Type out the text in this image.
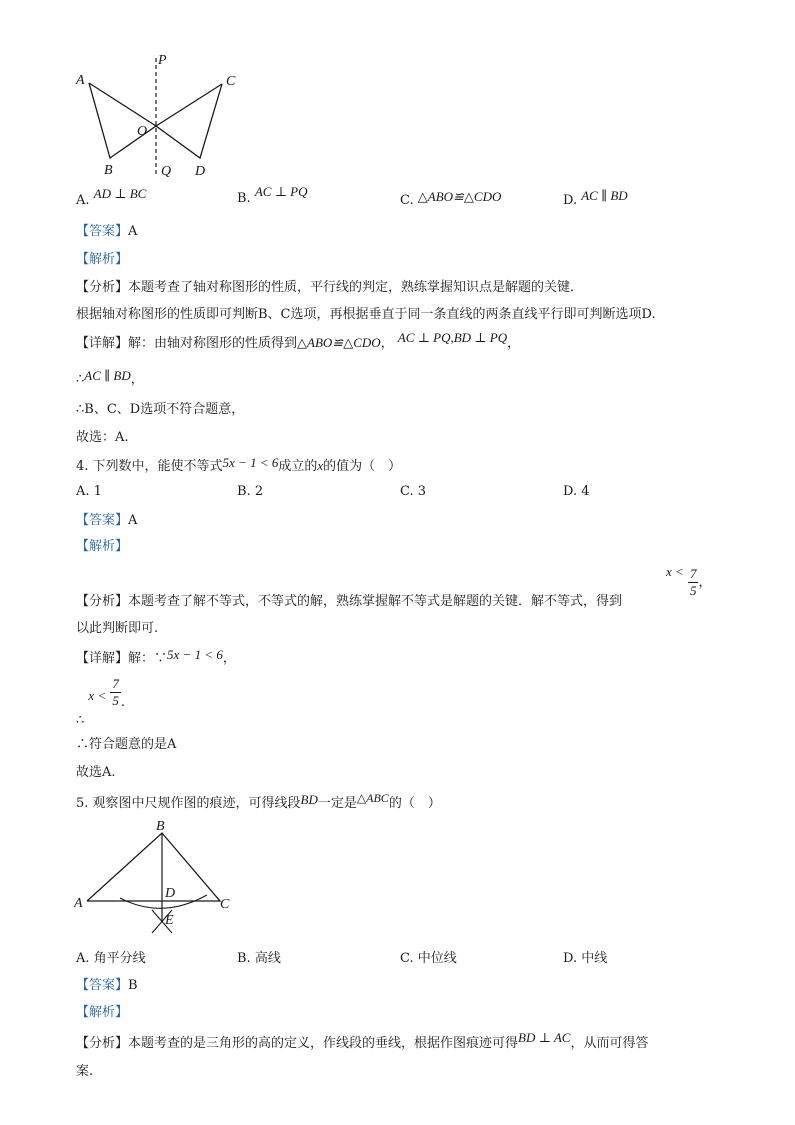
P
A	C
O
B	Q D
A. AD ⊥ BC	B. AC ⊥ PQ
C. △ABO≌△CDO	D. AC ∥ BD
【答案】A
【解析】
【分析】本题考查了轴对称图形的性质，平行线的判定，熟练掌握知识点是解题的关键．
根据轴对称图形的性质即可判断B、C选项，再根据垂直于同一条直线的两条直线平行即可判断选项D.
【详解】解：由轴对称图形的性质得到△ABO≌△CDO， AC ⊥ PQ,BD ⊥ PQ，
∴AC ∥ BD，
∴B、C、D选项不符合题意，
故选：A.
4. 下列数中，能使不等式5x − 1 < 6成立的x的值为（　）
A. 1	B. 2	C. 3	D. 4
【答案】A
【解析】
【分析】本题考查了解不等式，不等式的解，熟练掌握解不等式是解题的关键．解不等式，得到
$x < \frac{7}{5}$ ，
以此判断即可.
【详解】解：∵5x − 1 < 6，
∴ $x < \frac{7}{5}$ .
∴符合题意的是A
故选A.
5. 观察图中尺规作图的痕迹，可得线段BD一定是△ABC的（　）
B
A
D
C
E
A. 角平分线	B. 高线	C. 中位线	D. 中线
【答案】B
【解析】
【分析】本题考查的是三角形的高的定义，作线段的垂线，根据作图痕迹可得BD ⊥ AC，从而可得答
案.
